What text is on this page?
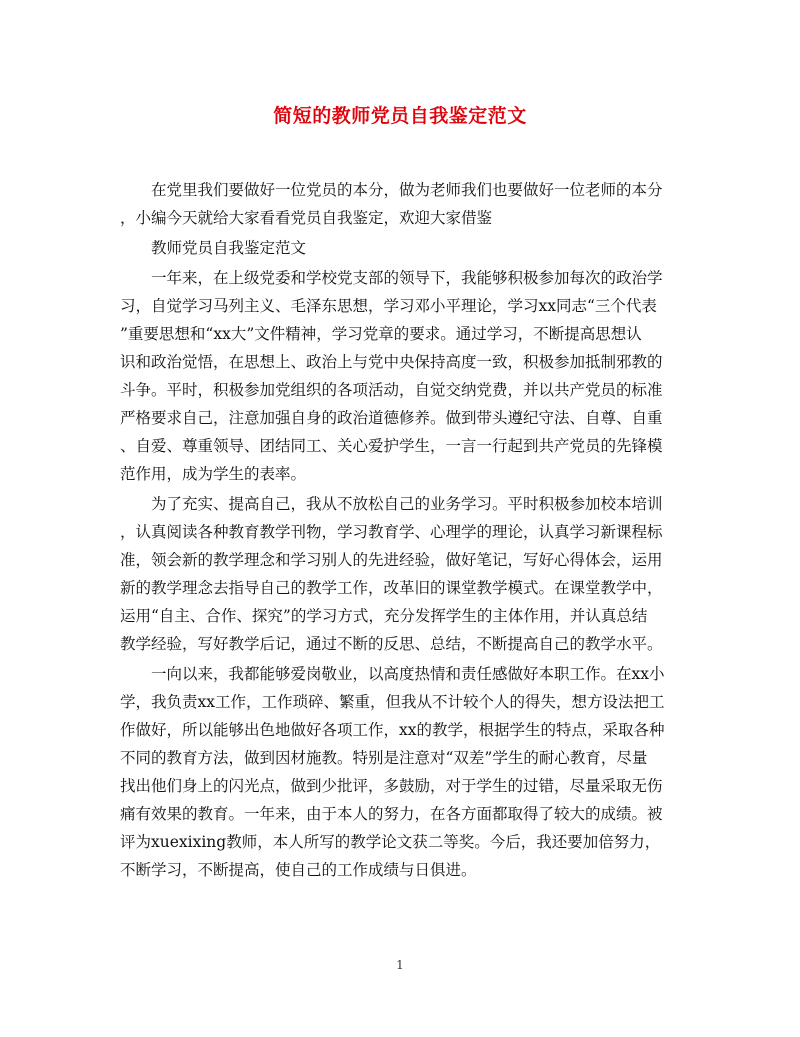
简短的教师党员自我鉴定范文
在党里我们要做好一位党员的本分，做为老师我们也要做好一位老师的本分
，小编今天就给大家看看党员自我鉴定，欢迎大家借鉴
教师党员自我鉴定范文
一年来，在上级党委和学校党支部的领导下，我能够积极参加每次的政治学
习，自觉学习马列主义、毛泽东思想，学习邓小平理论，学习xx同志“三个代表
”重要思想和“xx大”文件精神，学习党章的要求。通过学习，不断提高思想认
识和政治觉悟，在思想上、政治上与党中央保持高度一致，积极参加抵制邪教的
斗争。平时，积极参加党组织的各项活动，自觉交纳党费，并以共产党员的标准
严格要求自己，注意加强自身的政治道德修养。做到带头遵纪守法、自尊、自重
、自爱、尊重领导、团结同工、关心爱护学生，一言一行起到共产党员的先锋模
范作用，成为学生的表率。
为了充实、提高自己，我从不放松自己的业务学习。平时积极参加校本培训
，认真阅读各种教育教学刊物，学习教育学、心理学的理论，认真学习新课程标
准，领会新的教学理念和学习别人的先进经验，做好笔记，写好心得体会，运用
新的教学理念去指导自己的教学工作，改革旧的课堂教学模式。在课堂教学中，
运用“自主、合作、探究”的学习方式，充分发挥学生的主体作用，并认真总结
教学经验，写好教学后记，通过不断的反思、总结，不断提高自己的教学水平。
一向以来，我都能够爱岗敬业，以高度热情和责任感做好本职工作。在xx小
学，我负责xx工作，工作琐碎、繁重，但我从不计较个人的得失，想方设法把工
作做好，所以能够出色地做好各项工作，xx的教学，根据学生的特点，采取各种
不同的教育方法，做到因材施教。特别是注意对“双差”学生的耐心教育，尽量
找出他们身上的闪光点，做到少批评，多鼓励，对于学生的过错，尽量采取无伤
痛有效果的教育。一年来，由于本人的努力，在各方面都取得了较大的成绩。被
评为xuexixing教师，本人所写的教学论文获二等奖。今后，我还要加倍努力，
不断学习，不断提高，使自己的工作成绩与日俱进。
1
